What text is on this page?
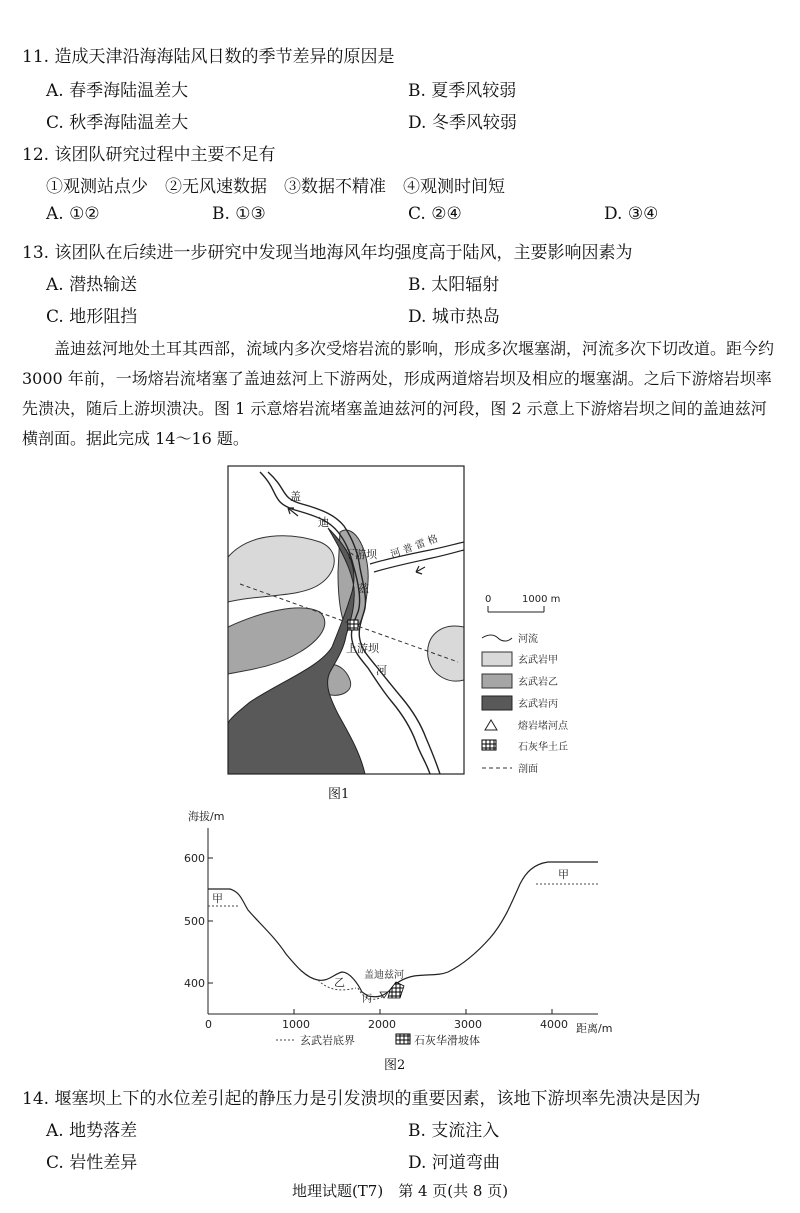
11. 造成天津沿海海陆风日数的季节差异的原因是
A. 春季海陆温差大	B. 夏季风较弱
C. 秋季海陆温差大	D. 冬季风较弱
12. 该团队研究过程中主要不足有
①观测站点少　②无风速数据　③数据不精准　④观测时间短
A. ①②	B. ①③	C. ②④	D. ③④
13. 该团队在后续进一步研究中发现当地海风年均强度高于陆风，主要影响因素为
A. 潜热输送	B. 太阳辐射
C. 地形阻挡	D. 城市热岛

盖迪兹河地处土耳其西部，流域内多次受熔岩流的影响，形成多次堰塞湖，河流多次下切改道。距今约 3000 年前，一场熔岩流堵塞了盖迪兹河上下游两处，形成两道熔岩坝及相应的堰塞湖。之后下游熔岩坝率先溃决，随后上游坝溃决。图 1 示意熔岩流堵塞盖迪兹河的河段，图 2 示意上下游熔岩坝之间的盖迪兹河横剖面。据此完成 14～16 题。

盖
迪
下游坝 河 普 雷 格
兹
上游坝
河
0	1000 m
河流
玄武岩甲
玄武岩乙
玄武岩丙
熔岩堵河点
石灰华土丘
剖面
图1
海拔/m
400
500
600
0	1000	2000	3000	4000 距离/m
甲
甲
乙
丙
盖迪兹河
玄武岩底界	石灰华滑坡体
图2
14. 堰塞坝上下的水位差引起的静压力是引发溃坝的重要因素，该地下游坝率先溃决是因为
A. 地势落差	B. 支流注入
C. 岩性差异	D. 河道弯曲
地理试题(T7)　第 4 页(共 8 页)
